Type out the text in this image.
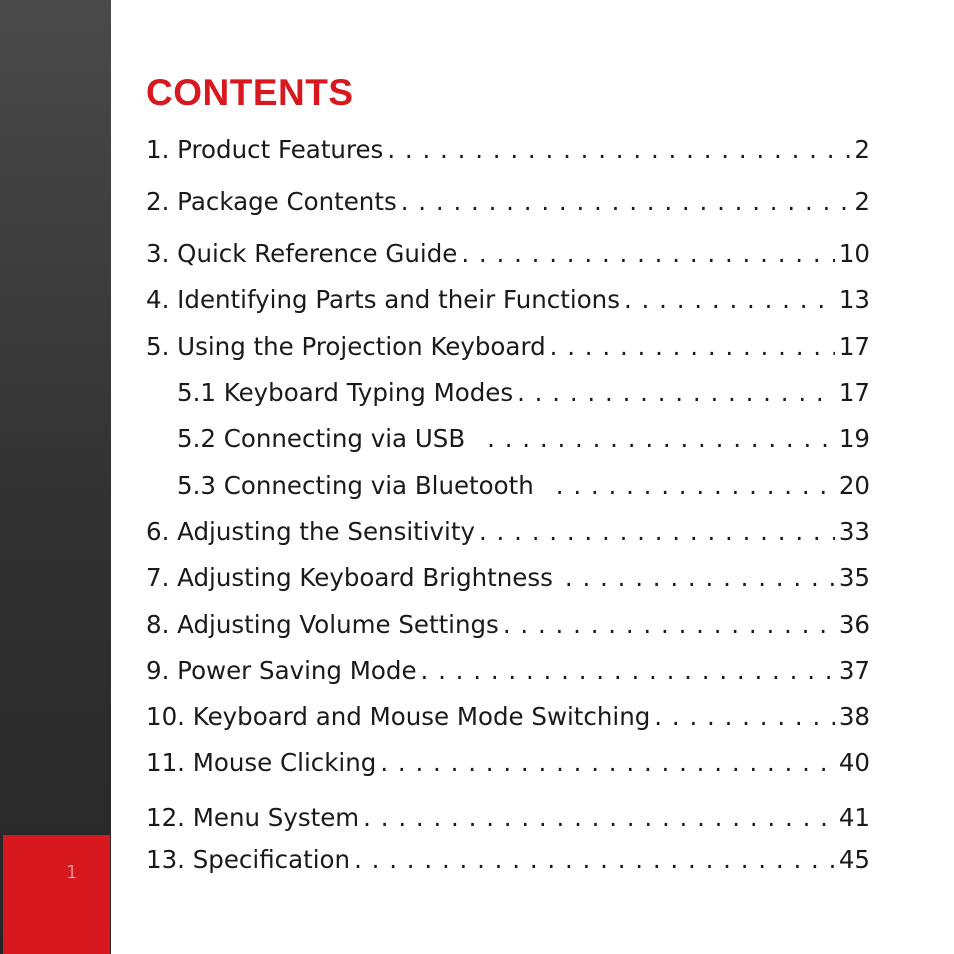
1
CONTENTS
1. Product Features . . .	2
2. Package Contents . . .	2
3. Quick Reference Guide . . .	10
4. Identifying Parts and their Functions . . .	13
5. Using the Projection Keyboard . . .	17
5.1 Keyboard Typing Modes . . .	17
5.2 Connecting via USB . . .	19
5.3 Connecting via Bluetooth . . .	20
6. Adjusting the Sensitivity . . .	33
7. Adjusting Keyboard Brightness . . .	35
8. Adjusting Volume Settings . . .	36
9. Power Saving Mode . . .	37
10. Keyboard and Mouse Mode Switching . . .	38
11. Mouse Clicking . . .	40
12. Menu System . . .	41
13. Specification . . .	45
